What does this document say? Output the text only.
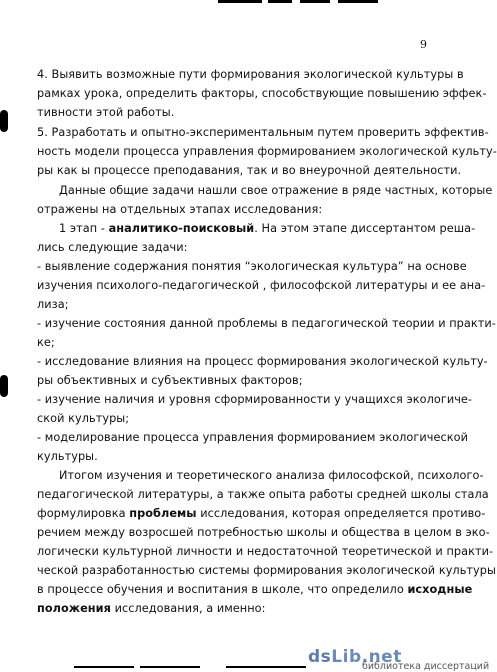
9
4. Выявить возможные пути формирования экологической культуры в
рамках урока, определить факторы, способствующие повышению эффек-
тивности этой работы.
5. Разработать и опытно-экспериментальным путем проверить эффектив-
ность модели процесса управления формированием экологической культу-
ры как ы процессе преподавания, так и во внеурочной деятельности.
Данные общие задачи нашли свое отражение в ряде частных, которые
отражены на отдельных этапах исследования:
1 этап - аналитико-поисковый. На этом этапе диссертантом реша-
лись следующие задачи:
- выявление содержания понятия “экологическая культура” на основе
изучения психолого-педагогической , философской литературы и ее ана-
лиза;
- изучение состояния данной проблемы в педагогической теории и практи-
ке;
- исследование влияния на процесс формирования экологической культу-
ры объективных и субъективных факторов;
- изучение наличия и уровня сформированности у учащихся экологиче-
ской культуры;
- моделирование процесса управления формированием экологической
культуры.
Итогом изучения и теоретического анализа философской, психолого-
педагогической литературы, а также опыта работы средней школы стала
формулировка проблемы исследования, которая определяется противо-
речием между возросшей потребностью школы и общества в целом в эко-
логически культурной личности и недостаточной теоретической и практи-
ческой разработанностью системы формирования экологической культуры
в процессе обучения и воспитания в школе, что определило исходные
положения исследования, а именно:
dsLib.net
библиотека диссертаций
